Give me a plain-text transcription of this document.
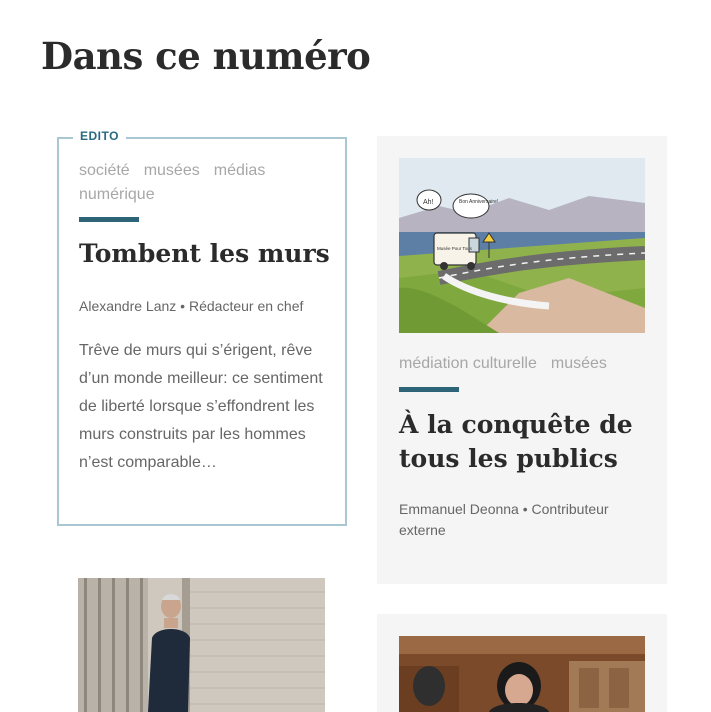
Dans ce numéro
EDITO
société musées médias
numérique
Tombent les murs
Alexandre Lanz • Rédacteur en chef
Trêve de murs qui s’érigent, rêve d’un monde meilleur: ce sentiment de liberté lorsque s’effondrent les murs construits par les hommes n’est comparable…
Ah!	Bon Anniversaire!
Musée Pour Tous
médiation culturelle musées
À la conquête de tous les publics
Emmanuel Deonna • Contributeur externe
